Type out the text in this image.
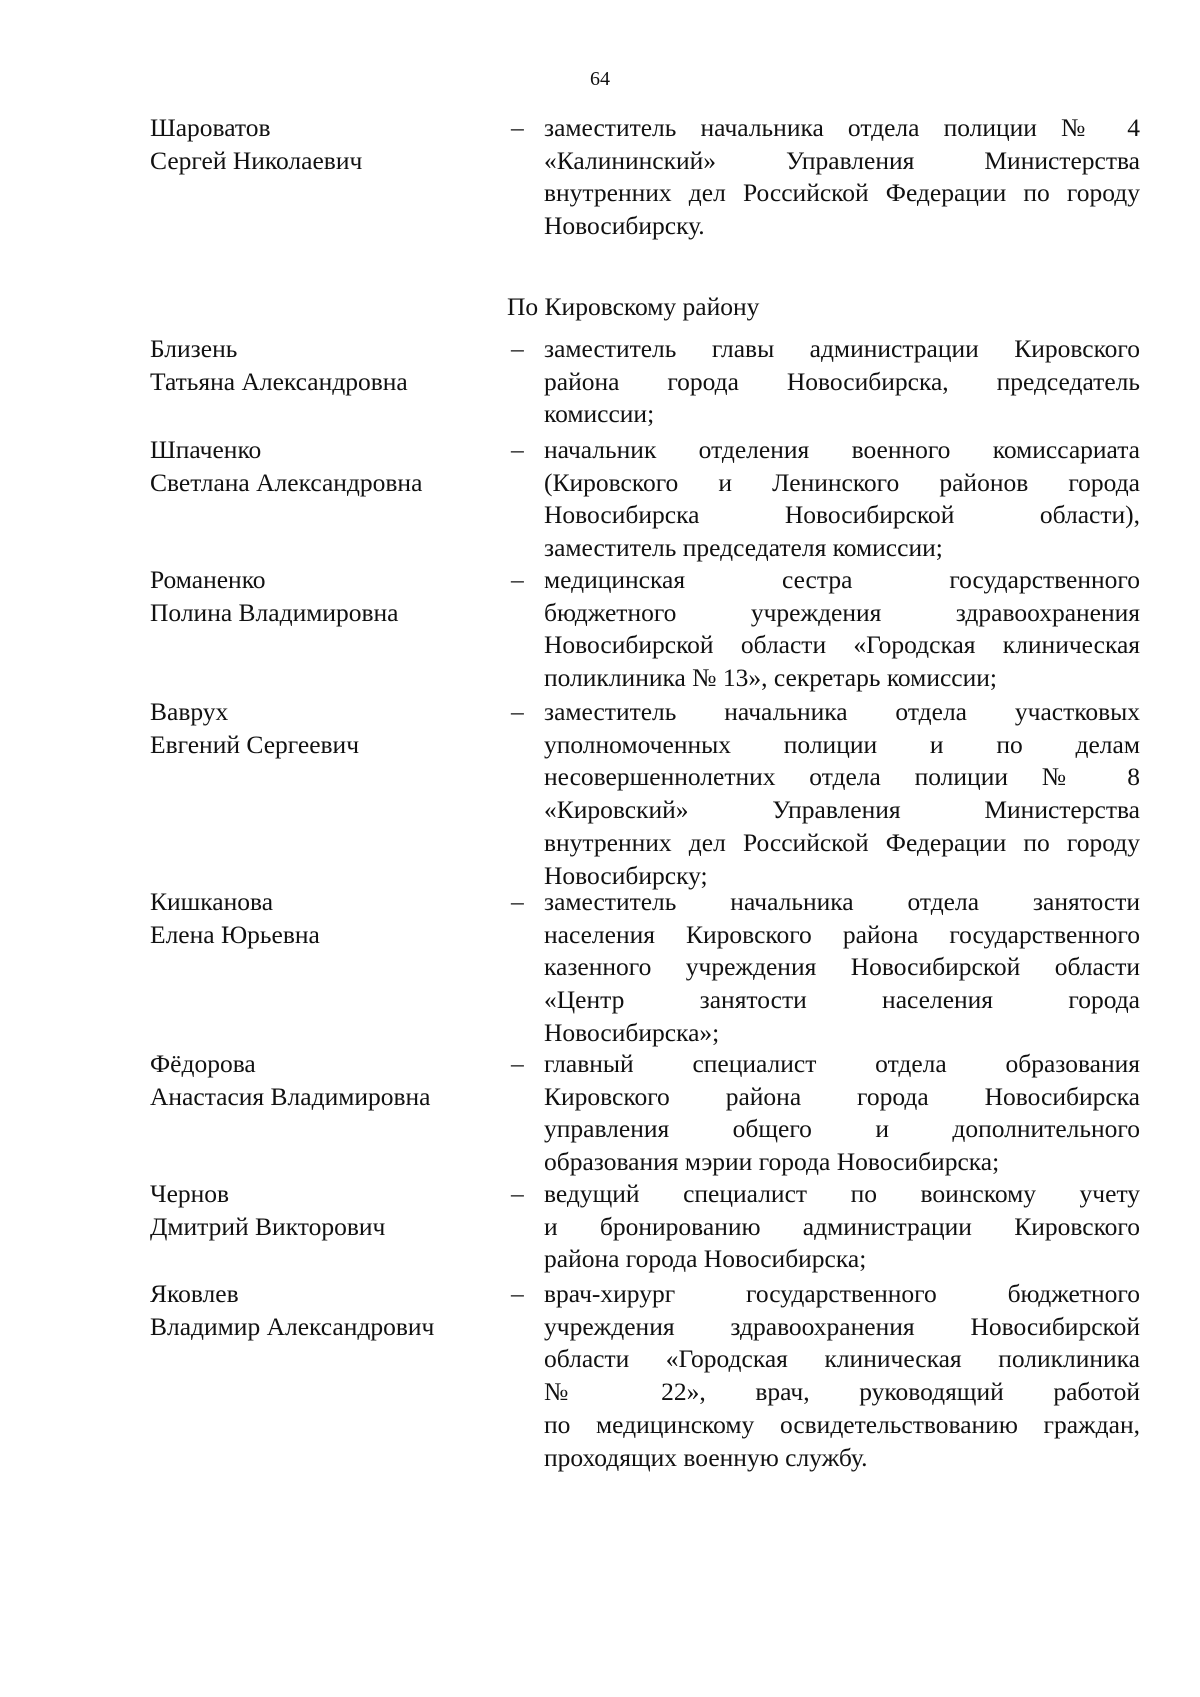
64
По Кировскому району
Шароватов
Сергей Николаевич
– заместитель начальника отдела полиции № 4
«Калининский» Управления Министерства
внутренних дел Российской Федерации по городу
Новосибирску.
Близень
Татьяна Александровна
– заместитель главы администрации Кировского
района города Новосибирска, председатель
комиссии;
Шпаченко
Светлана Александровна
– начальник отделения военного комиссариата
(Кировского и Ленинского районов города
Новосибирска Новосибирской области),
заместитель председателя комиссии;
Романенко
Полина Владимировна
– медицинская сестра государственного
бюджетного учреждения здравоохранения
Новосибирской области «Городская клиническая
поликлиника № 13», секретарь комиссии;
Ваврух
Евгений Сергеевич
– заместитель начальника отдела участковых
уполномоченных полиции и по делам
несовершеннолетних отдела полиции № 8
«Кировский» Управления Министерства
внутренних дел Российской Федерации по городу
Новосибирску;
Кишканова
Елена Юрьевна
– заместитель начальника отдела занятости
населения Кировского района государственного
казенного учреждения Новосибирской области
«Центр занятости населения города
Новосибирска»;
Фёдорова
Анастасия Владимировна
– главный специалист отдела образования
Кировского района города Новосибирска
управления общего и дополнительного
образования мэрии города Новосибирска;
Чернов
Дмитрий Викторович
– ведущий специалист по воинскому учету
и бронированию администрации Кировского
района города Новосибирска;
Яковлев
Владимир Александрович
– врач-хирург государственного бюджетного
учреждения здравоохранения Новосибирской
области «Городская клиническая поликлиника
№ 22», врач, руководящий работой
по медицинскому освидетельствованию граждан,
проходящих военную службу.
